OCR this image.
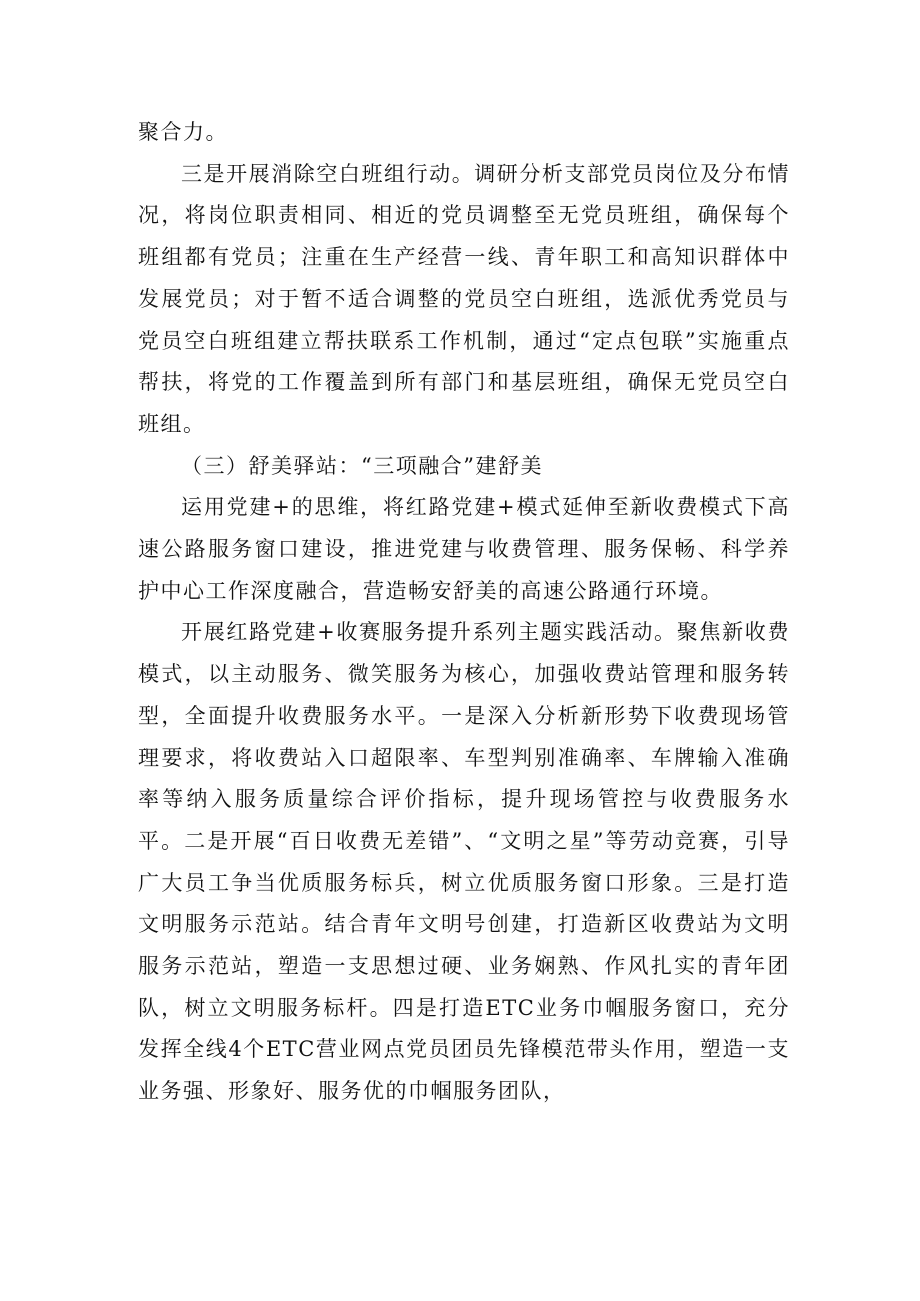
聚合力。

三是开展消除空白班组行动。调研分析支部党员岗位及分布情况，将岗位职责相同、相近的党员调整至无党员班组，确保每个班组都有党员；注重在生产经营一线、青年职工和高知识群体中发展党员；对于暂不适合调整的党员空白班组，选派优秀党员与党员空白班组建立帮扶联系工作机制，通过“定点包联”实施重点帮扶，将党的工作覆盖到所有部门和基层班组，确保无党员空白班组。

（三）舒美驿站：“三项融合”建舒美

运用党建+的思维，将红路党建+模式延伸至新收费模式下高速公路服务窗口建设，推进党建与收费管理、服务保畅、科学养护中心工作深度融合，营造畅安舒美的高速公路通行环境。

开展红路党建+收赛服务提升系列主题实践活动。聚焦新收费模式，以主动服务、微笑服务为核心，加强收费站管理和服务转型，全面提升收费服务水平。一是深入分析新形势下收费现场管理要求，将收费站入口超限率、车型判别准确率、车牌输入准确率等纳入服务质量综合评价指标，提升现场管控与收费服务水平。二是开展“百日收费无差错”、“文明之星”等劳动竞赛，引导广大员工争当优质服务标兵，树立优质服务窗口形象。三是打造文明服务示范站。结合青年文明号创建，打造新区收费站为文明服务示范站，塑造一支思想过硬、业务娴熟、作风扎实的青年团队，树立文明服务标杆。四是打造ETC业务巾帼服务窗口，充分发挥全线4个ETC营业网点党员团员先锋模范带头作用，塑造一支业务强、形象好、服务优的巾帼服务团队，
